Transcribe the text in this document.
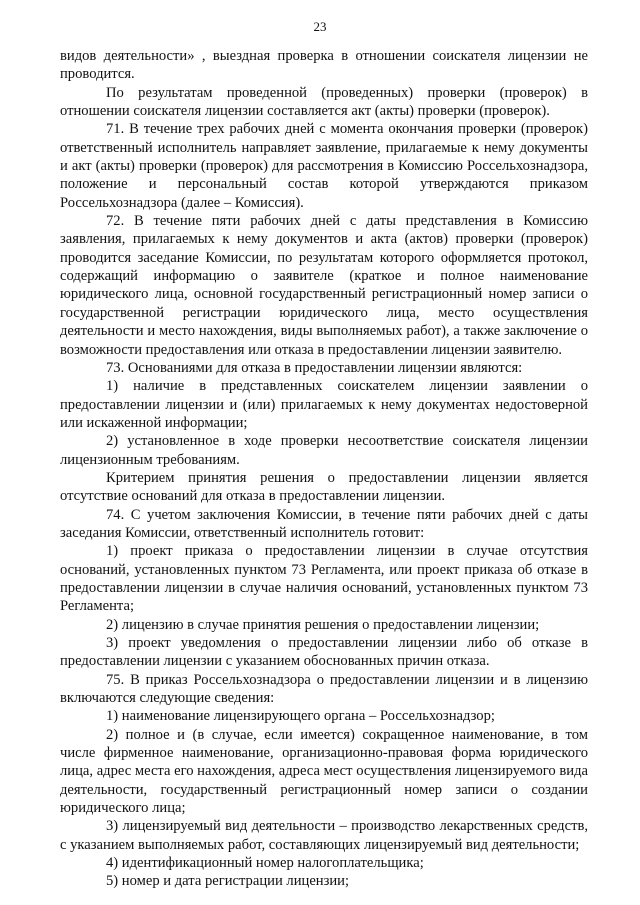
23

видов деятельности» , выездная проверка в отношении соискателя лицензии не проводится.

По результатам проведенной (проведенных) проверки (проверок) в отношении соискателя лицензии составляется акт (акты) проверки (проверок).

71. В течение трех рабочих дней с момента окончания проверки (проверок) ответственный исполнитель направляет заявление, прилагаемые к нему документы и акт (акты) проверки (проверок) для рассмотрения в Комиссию Россельхознадзора, положение и персональный состав которой утверждаются приказом Россельхознадзора (далее – Комиссия).

72. В течение пяти рабочих дней с даты представления в Комиссию заявления, прилагаемых к нему документов и акта (актов) проверки (проверок) проводится заседание Комиссии, по результатам которого оформляется протокол, содержащий информацию о заявителе (краткое и полное наименование юридического лица, основной государственный регистрационный номер записи о государственной регистрации юридического лица, место осуществления деятельности и место нахождения, виды выполняемых работ), а также заключение о возможности предоставления или отказа в предоставлении лицензии заявителю.

73. Основаниями для отказа в предоставлении лицензии являются:

1) наличие в представленных соискателем лицензии заявлении о предоставлении лицензии и (или) прилагаемых к нему документах недостоверной или искаженной информации;

2) установленное в ходе проверки несоответствие соискателя лицензии лицензионным требованиям.

Критерием принятия решения о предоставлении лицензии является отсутствие оснований для отказа в предоставлении лицензии.

74. С учетом заключения Комиссии, в течение пяти рабочих дней с даты заседания Комиссии, ответственный исполнитель готовит:

1) проект приказа о предоставлении лицензии в случае отсутствия оснований, установленных пунктом 73 Регламента, или проект приказа об отказе в предоставлении лицензии в случае наличия оснований, установленных пунктом 73 Регламента;

2) лицензию в случае принятия решения о предоставлении лицензии;

3) проект уведомления о предоставлении лицензии либо об отказе в предоставлении лицензии с указанием обоснованных причин отказа.

75. В приказ Россельхознадзора о предоставлении лицензии и в лицензию включаются следующие сведения:

1) наименование лицензирующего органа – Россельхознадзор;

2) полное и (в случае, если имеется) сокращенное наименование, в том числе фирменное наименование, организационно-правовая форма юридического лица, адрес места его нахождения, адреса мест осуществления лицензируемого вида деятельности, государственный регистрационный номер записи о создании юридического лица;

3) лицензируемый вид деятельности – производство лекарственных средств, с указанием выполняемых работ, составляющих лицензируемый вид деятельности;

4) идентификационный номер налогоплательщика;

5) номер и дата регистрации лицензии;
